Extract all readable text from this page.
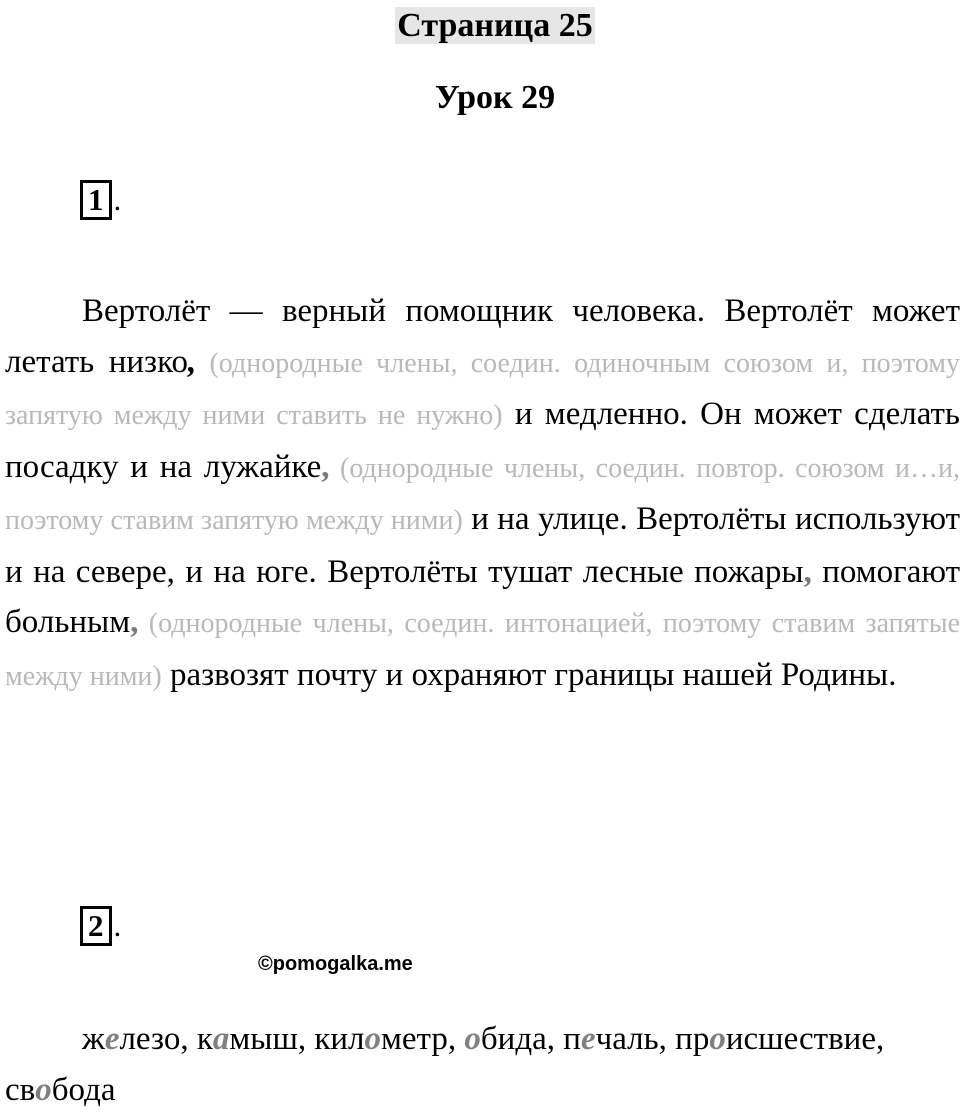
Страница 25
Урок 29
1 .
Вертолёт — верный помощник человека. Вертолёт может летать низко, (однородные члены, соедин. одиночным союзом и, поэтому запятую между ними ставить не нужно) и медленно. Он может сделать посадку и на лужайке, (однородные члены, соедин. повтор. союзом и…и, поэтому ставим запятую между ними) и на улице. Вертолёты используют и на севере, и на юге. Вертолёты тушат лесные пожары, помогают больным, (однородные члены, соедин. интонацией, поэтому ставим запятые между ними) развозят почту и охраняют границы нашей Родины.
2 .
©pomogalka.me
железо, камыш, километр, обида, печаль, происшествие, свобода
